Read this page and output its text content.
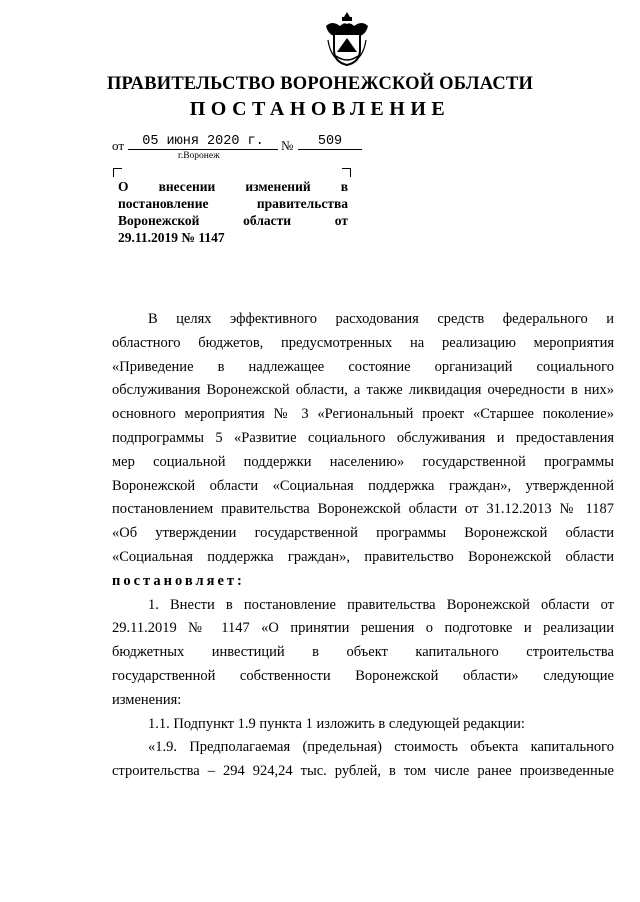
ПРАВИТЕЛЬСТВО ВОРОНЕЖСКОЙ ОБЛАСТИ
ПОСТАНОВЛЕНИЕ
от	05 июня 2020 г.	№	509
г.Воронеж
О внесении изменений в
постановление правительства
Воронежской области от
29.11.2019 № 1147
В целях эффективного расходования средств федерального и
областного бюджетов, предусмотренных на реализацию мероприятия
«Приведение в надлежащее состояние организаций социального
обслуживания Воронежской области, а также ликвидация очередности в них»
основного мероприятия № 3 «Региональный проект «Старшее поколение»
подпрограммы 5 «Развитие социального обслуживания и предоставления
мер социальной поддержки населению» государственной программы
Воронежской области «Социальная поддержка граждан», утвержденной
постановлением правительства Воронежской области от 31.12.2013 № 1187
«Об утверждении государственной программы Воронежской области
«Социальная поддержка граждан», правительство Воронежской области
постановляет:
1. Внести в постановление правительства Воронежской области от
29.11.2019 № 1147 «О принятии решения о подготовке и реализации
бюджетных инвестиций в объект капитального строительства
государственной собственности Воронежской области» следующие
изменения:
1.1. Подпункт 1.9 пункта 1 изложить в следующей редакции:
«1.9. Предполагаемая (предельная) стоимость объекта капитального
строительства – 294 924,24 тыс. рублей, в том числе ранее произведенные
